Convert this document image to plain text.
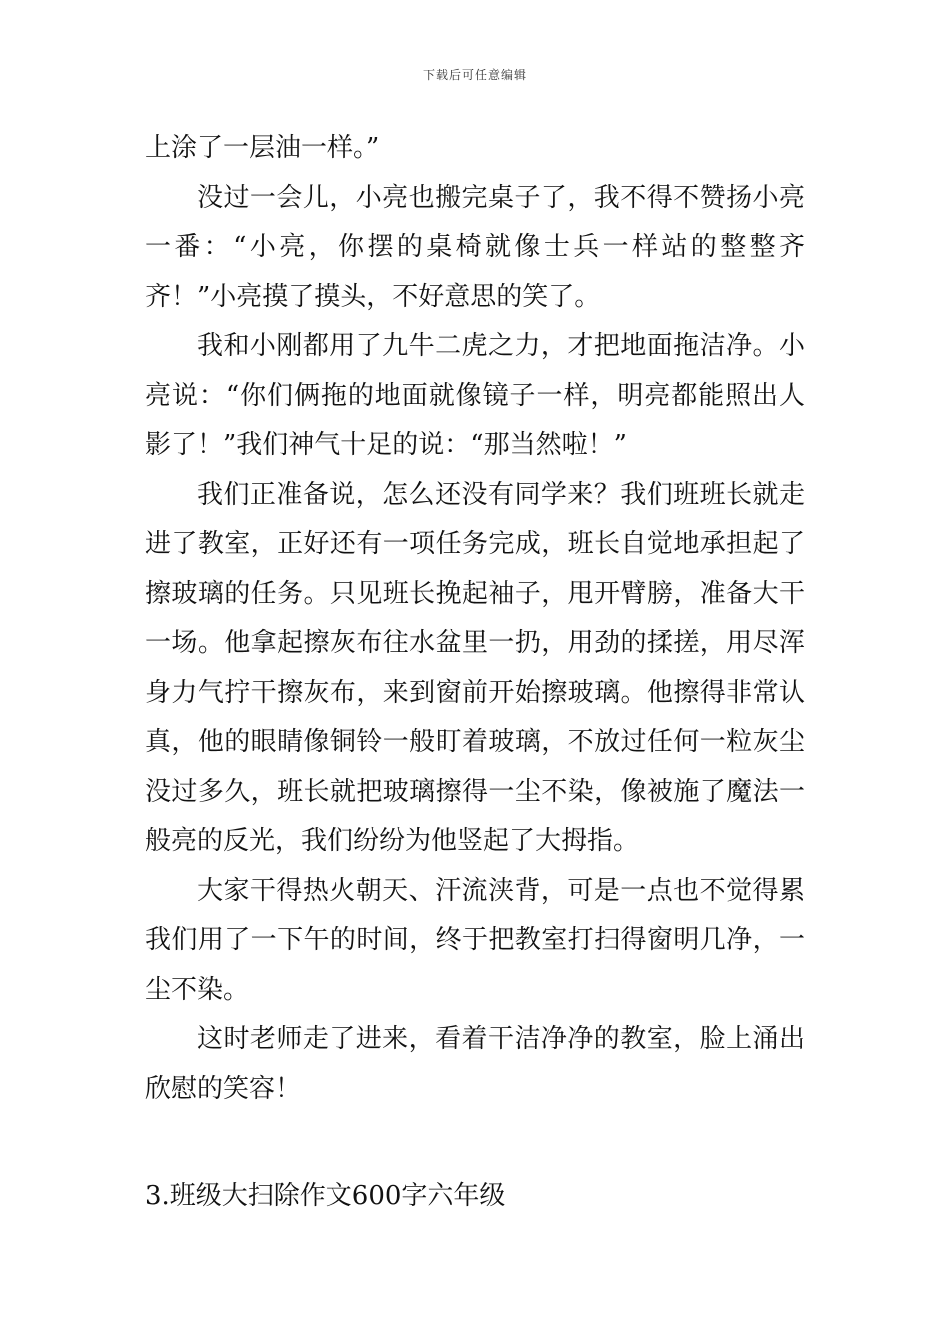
下载后可任意编辑

上涂了一层油一样。”

没过一会儿，小亮也搬完桌子了，我不得不赞扬小亮一番：“小亮，你摆的桌椅就像士兵一样站的整整齐齐！”小亮摸了摸头，不好意思的笑了。

我和小刚都用了九牛二虎之力，才把地面拖洁净。小亮说：“你们俩拖的地面就像镜子一样，明亮都能照出人影了！”我们神气十足的说：“那当然啦！”

我们正准备说，怎么还没有同学来？我们班班长就走进了教室，正好还有一项任务完成，班长自觉地承担起了擦玻璃的任务。只见班长挽起袖子，甩开臂膀，准备大干一场。他拿起擦灰布往水盆里一扔，用劲的揉搓，用尽浑身力气拧干擦灰布，来到窗前开始擦玻璃。他擦得非常认真，他的眼睛像铜铃一般盯着玻璃，不放过任何一粒灰尘没过多久，班长就把玻璃擦得一尘不染，像被施了魔法一般亮的反光，我们纷纷为他竖起了大拇指。

大家干得热火朝天、汗流浃背，可是一点也不觉得累我们用了一下午的时间，终于把教室打扫得窗明几净，一尘不染。

这时老师走了进来，看着干洁净净的教室，脸上涌出欣慰的笑容！

3.班级大扫除作文600字六年级
